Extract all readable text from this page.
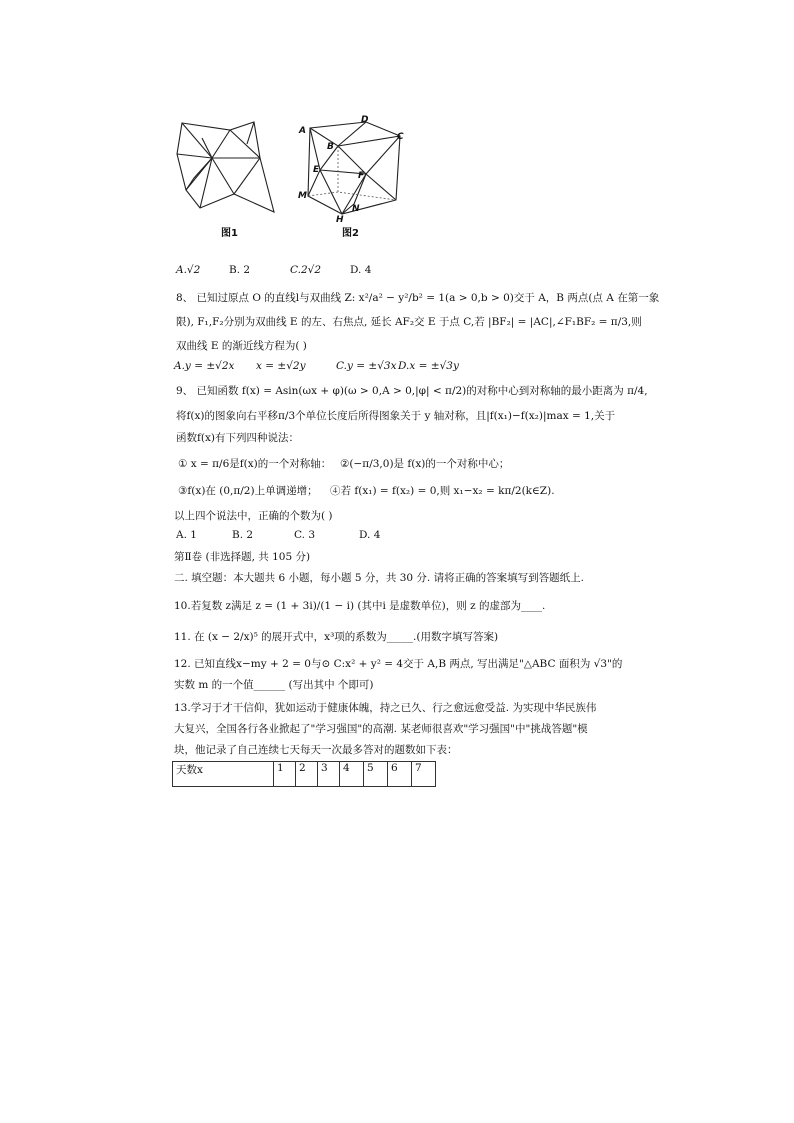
图1
A
D
C
B
E
F
M
H
N
图2
A.√2	B. 2	C.2√2	D. 4
8、 已知过原点 O 的直线l与双曲线 Z: x²/a² − y²/b² = 1(a > 0,b > 0)交于 A，B 两点(点 A 在第一象
限), F₁,F₂分别为双曲线 E 的左、右焦点, 延长 AF₂交 E 于点 C,若 |BF₂| = |AC|,∠F₁BF₂ = π/3,则
双曲线 E 的渐近线方程为( )
A.y = ±√2x x = ±√2y	C.y = ±√3x D.x = ±√3y
9、 已知函数 f(x) = Asin(ωx + φ)(ω > 0,A > 0,|φ| < π/2)的对称中心到对称轴的最小距离为 π/4,
将f(x)的图象向右平移π/3个单位长度后所得图象关于 y 轴对称，且|f(x₁)−f(x₂)|max = 1,关于
函数f(x)有下列四种说法：
① x = π/6是f(x)的一个对称轴： ②(−π/3,0)是 f(x)的一个对称中心；
③f(x)在 (0,π/2)上单调递增； ④若 f(x₁) = f(x₂) = 0,则 x₁−x₂ = kπ/2(k∈Z).
以上四个说法中，正确的个数为( )
A. 1	B. 2	C. 3	D. 4
第Ⅱ卷 (非选择题, 共 105 分)
二. 填空题：本大题共 6 小题，每小题 5 分，共 30 分. 请将正确的答案填写到答题纸上.
10.若复数 z满足 z = (1 + 3i)/(1 − i) (其中i 是虚数单位)，则 z 的虚部为____.
11. 在 (x − 2/x)⁵ 的展开式中，x³项的系数为_____.(用数字填写答案)
12. 已知直线x−my + 2 = 0与⊙ C:x² + y² = 4交于 A,B 两点, 写出满足"△ABC 面积为 √3"的
实数 m 的一个值______ (写出其中 个即可)
13.学习于才干信仰，犹如运动于健康体魄，持之已久、行之愈远愈受益. 为实现中华民族伟
大复兴，全国各行各业掀起了"学习强国"的高潮. 某老师很喜欢"学习强国"中"挑战答题"模
块，他记录了自己连续七天每天一次最多答对的题数如下表：
天数x	1	2	3	4	5	6	7
